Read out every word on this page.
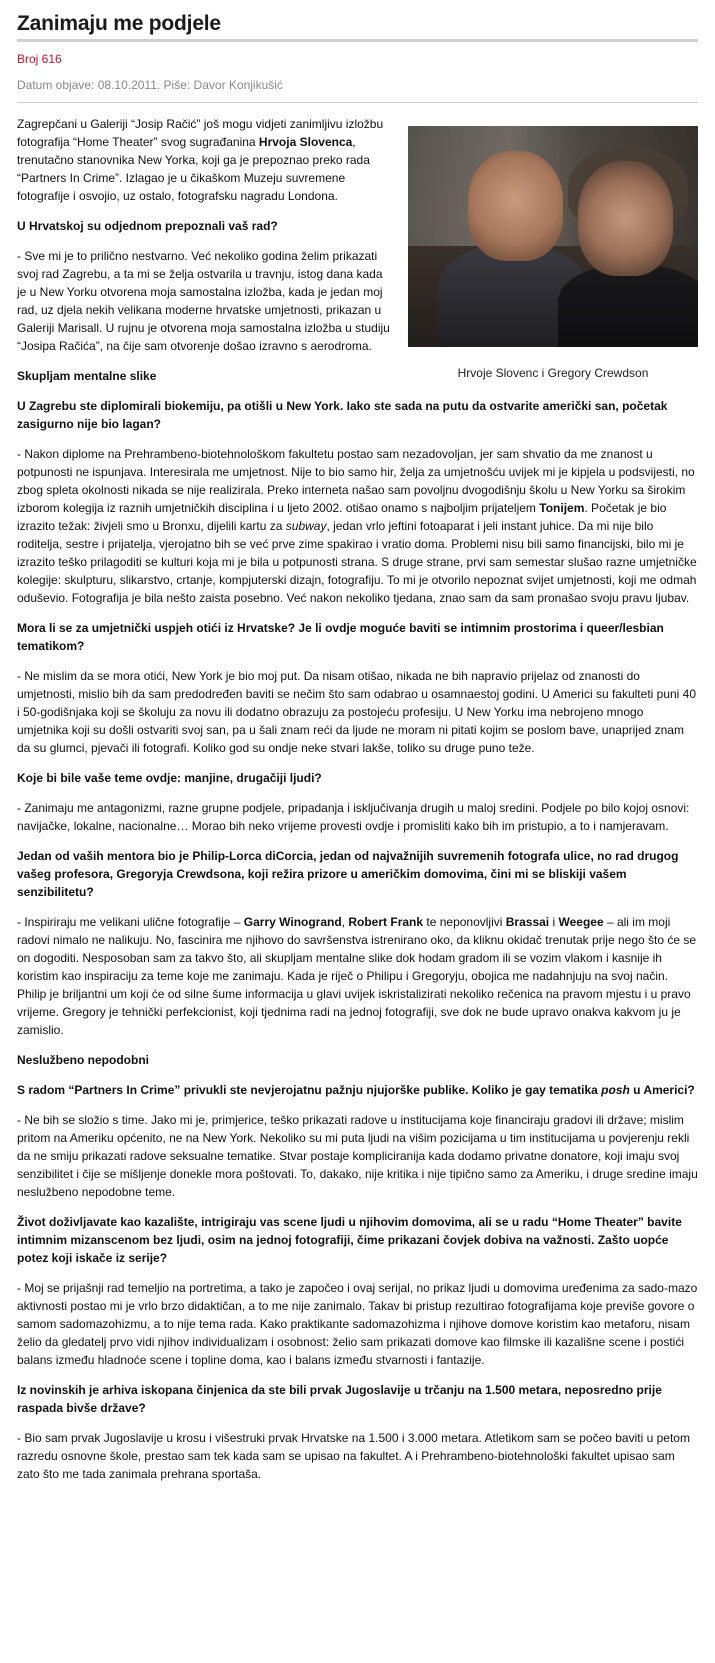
Zanimaju me podjele
Broj 616
Datum objave: 08.10.2011. Piše: Davor Konjikušić
Hrvoje Slovenc i Gregory Crewdson

Zagrepčani u Galeriji “Josip Račić” još mogu vidjeti zanimljivu izložbu fotografija “Home Theater” svog sugrađanina Hrvoja Slovenca, trenutačno stanovnika New Yorka, koji ga je prepoznao preko rada “Partners In Crime”. Izlagao je u čikaškom Muzeju suvremene fotografije i osvojio, uz ostalo, fotografsku nagradu Londona.

U Hrvatskoj su odjednom prepoznali vaš rad?

- Sve mi je to prilično nestvarno. Već nekoliko godina želim prikazati svoj rad Zagrebu, a ta mi se želja ostvarila u travnju, istog dana kada je u New Yorku otvorena moja samostalna izložba, kada je jedan moj rad, uz djela nekih velikana moderne hrvatske umjetnosti, prikazan u Galeriji Marisall. U rujnu je otvorena moja samostalna izložba u studiju “Josipa Račića”, na čije sam otvorenje došao izravno s aerodroma.

Skupljam mentalne slike

U Zagrebu ste diplomirali biokemiju, pa otišli u New York. Iako ste sada na putu da ostvarite američki san, početak zasigurno nije bio lagan?

- Nakon diplome na Prehrambeno-biotehnološkom fakultetu postao sam nezadovoljan, jer sam shvatio da me znanost u potpunosti ne ispunjava. Interesirala me umjetnost. Nije to bio samo hir, želja za umjetnošću uvijek mi je kipjela u podsvijesti, no zbog spleta okolnosti nikada se nije realizirala. Preko interneta našao sam povoljnu dvogodišnju školu u New Yorku sa širokim izborom kolegija iz raznih umjetničkih disciplina i u ljeto 2002. otišao onamo s najboljim prijateljem Tonijem. Početak je bio izrazito težak: živjeli smo u Bronxu, dijelili kartu za subway, jedan vrlo jeftini fotoaparat i jeli instant juhice. Da mi nije bilo roditelja, sestre i prijatelja, vjerojatno bih se već prve zime spakirao i vratio doma. Problemi nisu bili samo financijski, bilo mi je izrazito teško prilagoditi se kulturi koja mi je bila u potpunosti strana. S druge strane, prvi sam semestar slušao razne umjetničke kolegije: skulpturu, slikarstvo, crtanje, kompjuterski dizajn, fotografiju. To mi je otvorilo nepoznat svijet umjetnosti, koji me odmah oduševio. Fotografija je bila nešto zaista posebno. Već nakon nekoliko tjedana, znao sam da sam pronašao svoju pravu ljubav.

Mora li se za umjetnički uspjeh otići iz Hrvatske? Je li ovdje moguće baviti se intimnim prostorima i queer/lesbian tematikom?

- Ne mislim da se mora otići, New York je bio moj put. Da nisam otišao, nikada ne bih napravio prijelaz od znanosti do umjetnosti, mislio bih da sam predodređen baviti se nečim što sam odabrao u osamnaestoj godini. U Americi su fakulteti puni 40 i 50-godišnjaka koji se školuju za novu ili dodatno obrazuju za postojeću profesiju. U New Yorku ima nebrojeno mnogo umjetnika koji su došli ostvariti svoj san, pa u šali znam reći da ljude ne moram ni pitati kojim se poslom bave, unaprijed znam da su glumci, pjevači ili fotografi. Koliko god su ondje neke stvari lakše, toliko su druge puno teže.

Koje bi bile vaše teme ovdje: manjine, drugačiji ljudi?

- Zanimaju me antagonizmi, razne grupne podjele, pripadanja i isključivanja drugih u maloj sredini. Podjele po bilo kojoj osnovi: navijačke, lokalne, nacionalne… Morao bih neko vrijeme provesti ovdje i promisliti kako bih im pristupio, a to i namjeravam.

Jedan od vaših mentora bio je Philip-Lorca diCorcia, jedan od najvažnijih suvremenih fotografa ulice, no rad drugog vašeg profesora, Gregoryja Crewdsona, koji režira prizore u američkim domovima, čini mi se bliskiji vašem senzibilitetu?

- Inspiriraju me velikani ulične fotografije – Garry Winogrand, Robert Frank te neponovljivi Brassai i Weegee – ali im moji radovi nimalo ne nalikuju. No, fascinira me njihovo do savršenstva istrenirano oko, da kliknu okidač trenutak prije nego što će se on dogoditi. Nesposoban sam za takvo što, ali skupljam mentalne slike dok hodam gradom ili se vozim vlakom i kasnije ih koristim kao inspiraciju za teme koje me zanimaju. Kada je riječ o Philipu i Gregoryju, obojica me nadahnjuju na svoj način. Philip je briljantni um koji će od silne šume informacija u glavi uvijek iskristalizirati nekoliko rečenica na pravom mjestu i u pravo vrijeme. Gregory je tehnički perfekcionist, koji tjednima radi na jednoj fotografiji, sve dok ne bude upravo onakva kakvom ju je zamislio.

Neslužbeno nepodobni

S radom “Partners In Crime” privukli ste nevjerojatnu pažnju njujorške publike. Koliko je gay tematika posh u Americi?

- Ne bih se složio s time. Jako mi je, primjerice, teško prikazati radove u institucijama koje financiraju gradovi ili države; mislim pritom na Ameriku općenito, ne na New York. Nekoliko su mi puta ljudi na višim pozicijama u tim institucijama u povjerenju rekli da ne smiju prikazati radove seksualne tematike. Stvar postaje kompliciranija kada dodamo privatne donatore, koji imaju svoj senzibilitet i čije se mišljenje donekle mora poštovati. To, dakako, nije kritika i nije tipično samo za Ameriku, i druge sredine imaju neslužbeno nepodobne teme.

Život doživljavate kao kazalište, intrigiraju vas scene ljudi u njihovim domovima, ali se u radu “Home Theater” bavite intimnim mizanscenom bez ljudi, osim na jednoj fotografiji, čime prikazani čovjek dobiva na važnosti. Zašto uopće potez koji iskače iz serije?

- Moj se prijašnji rad temeljio na portretima, a tako je započeo i ovaj serijal, no prikaz ljudi u domovima uređenima za sado-mazo aktivnosti postao mi je vrlo brzo didaktičan, a to me nije zanimalo. Takav bi pristup rezultirao fotografijama koje previše govore o samom sadomazohizmu, a to nije tema rada. Kako praktikante sadomazohizma i njihove domove koristim kao metaforu, nisam želio da gledatelj prvo vidi njihov individualizam i osobnost: želio sam prikazati domove kao filmske ili kazališne scene i postići balans između hladnoće scene i topline doma, kao i balans između stvarnosti i fantazije.

Iz novinskih je arhiva iskopana činjenica da ste bili prvak Jugoslavije u trčanju na 1.500 metara, neposredno prije raspada bivše države?

- Bio sam prvak Jugoslavije u krosu i višestruki prvak Hrvatske na 1.500 i 3.000 metara. Atletikom sam se počeo baviti u petom razredu osnovne škole, prestao sam tek kada sam se upisao na fakultet. A i Prehrambeno-biotehnološki fakultet upisao sam zato što me tada zanimala prehrana sportaša.
